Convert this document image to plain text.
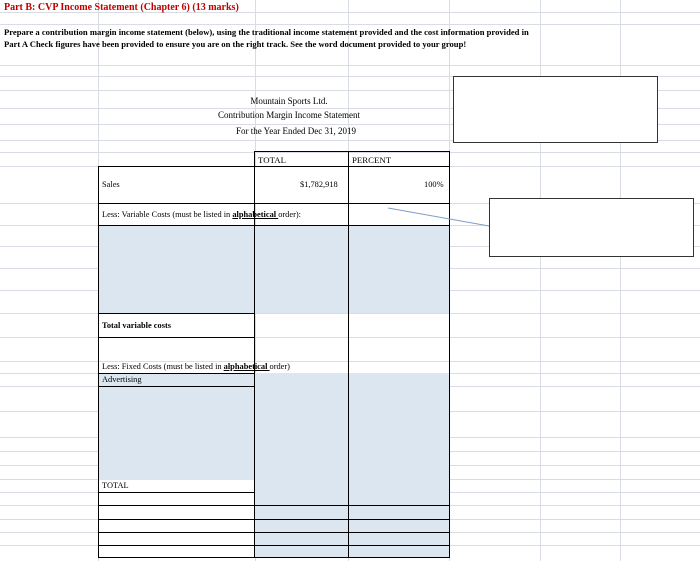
Part B: CVP Income Statement (Chapter 6) (13 marks)
Prepare a contribution margin income statement (below), using the traditional income statement provided and the cost information provided in Part A Check figures have been provided to ensure you are on the right track. See the word document provided to your group!
Mountain Sports Ltd.
Contribution Margin Income Statement
For the Year Ended Dec 31, 2019
TOTAL	PERCENT
Sales	$1,782,918	100%
Less: Variable Costs (must be listed in alphabetical order):
Total variable costs
Less: Fixed Costs (must be listed in alphabetical order)
Advertising
TOTAL
